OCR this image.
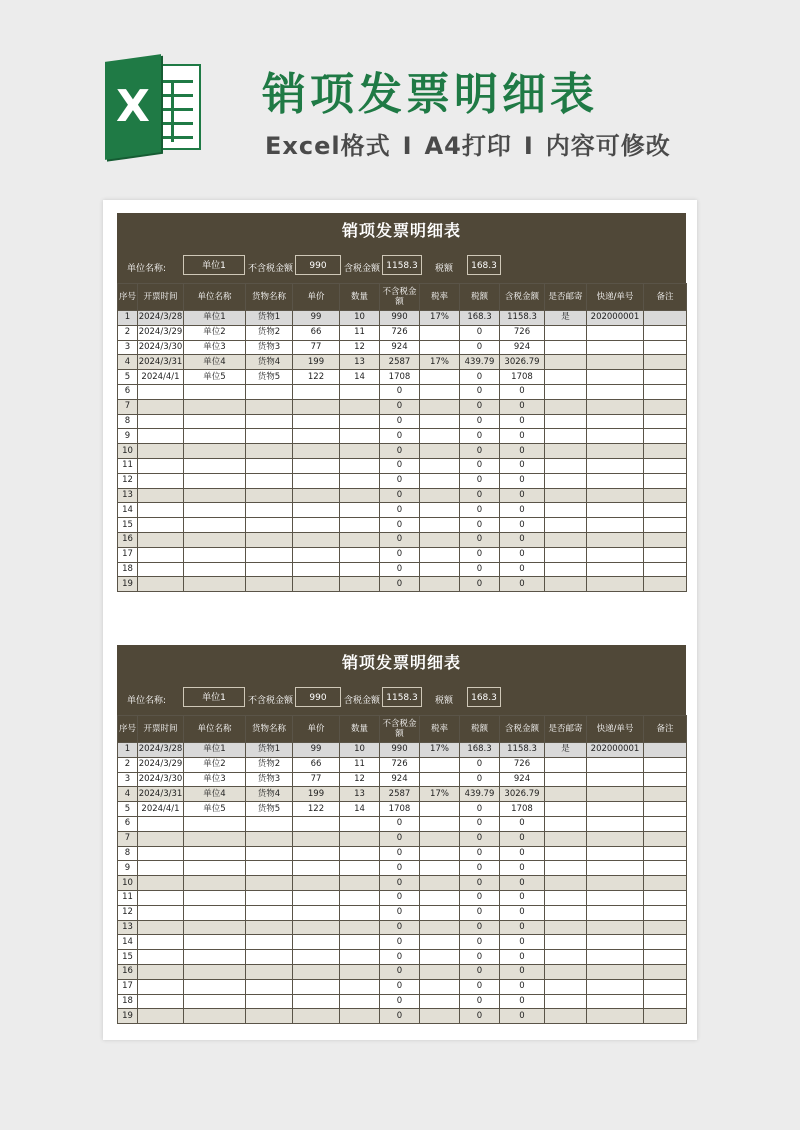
X	销项发票明细表
Excel格式 I A4打印 I 内容可修改
销项发票明细表
单位名称:	单位1	不含税金额	990	含税金额 1158.3	税额	168.3
序号	开票时间	单位名称	货物名称	单价	数量	不含税金额	税率	税额	含税金额	是否邮寄	快递/单号	备注
1	2024/3/28	单位1	货物1	99	10	990	17%	168.3	1158.3	是	202000001	
2	2024/3/29	单位2	货物2	66	11	726		0	726			
3	2024/3/30	单位3	货物3	77	12	924		0	924			
4	2024/3/31	单位4	货物4	199	13	2587	17%	439.79	3026.79			
5	2024/4/1	单位5	货物5	122	14	1708		0	1708			
6						0		0	0			
7						0		0	0			
8						0		0	0			
9						0		0	0			
10						0		0	0			
11						0		0	0			
12						0		0	0			
13						0		0	0			
14						0		0	0			
15						0		0	0			
16						0		0	0			
17						0		0	0			
18						0		0	0			
19						0		0	0			
销项发票明细表
单位名称:	单位1	不含税金额	990	含税金额 1158.3	税额	168.3
序号	开票时间	单位名称	货物名称	单价	数量	不含税金额	税率	税额	含税金额	是否邮寄	快递/单号	备注
1	2024/3/28	单位1	货物1	99	10	990	17%	168.3	1158.3	是	202000001	
2	2024/3/29	单位2	货物2	66	11	726		0	726			
3	2024/3/30	单位3	货物3	77	12	924		0	924			
4	2024/3/31	单位4	货物4	199	13	2587	17%	439.79	3026.79			
5	2024/4/1	单位5	货物5	122	14	1708		0	1708			
6						0		0	0			
7						0		0	0			
8						0		0	0			
9						0		0	0			
10						0		0	0			
11						0		0	0			
12						0		0	0			
13						0		0	0			
14						0		0	0			
15						0		0	0			
16						0		0	0			
17						0		0	0			
18						0		0	0			
19						0		0	0			
